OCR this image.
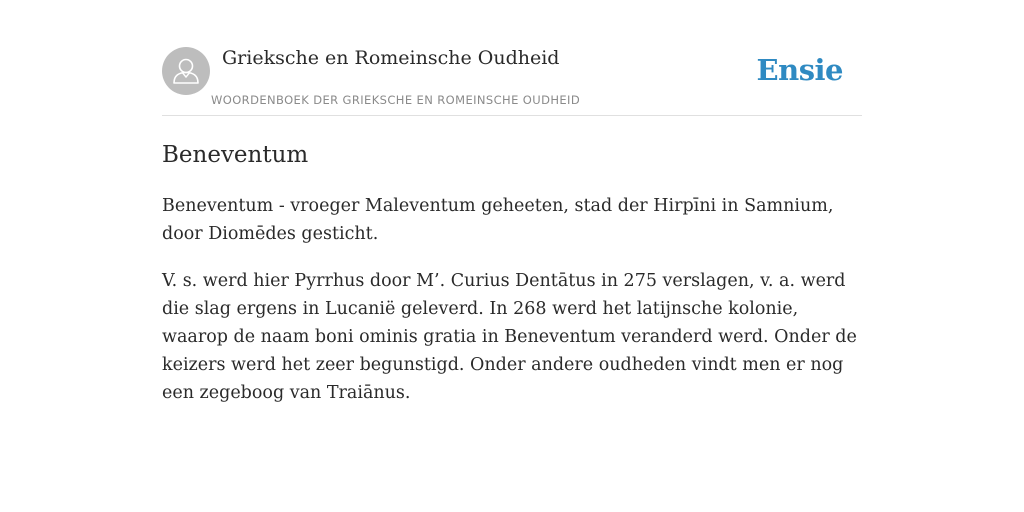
Grieksche en Romeinsche Oudheid
WOORDENBOEK DER GRIEKSCHE EN ROMEINSCHE OUDHEID
Ensie
Beneventum

Beneventum - vroeger Maleventum geheeten, stad der Hirpīni in Samnium, door Diomēdes gesticht.

V. s. werd hier Pyrrhus door M’. Curius Dentātus in 275 verslagen, v. a. werd die slag ergens in Lucanië geleverd. In 268 werd het latijnsche kolonie, waarop de naam boni ominis gratia in Beneventum veranderd werd. Onder de keizers werd het zeer begunstigd. Onder andere oudheden vindt men er nog een zegeboog van Traiānus.
